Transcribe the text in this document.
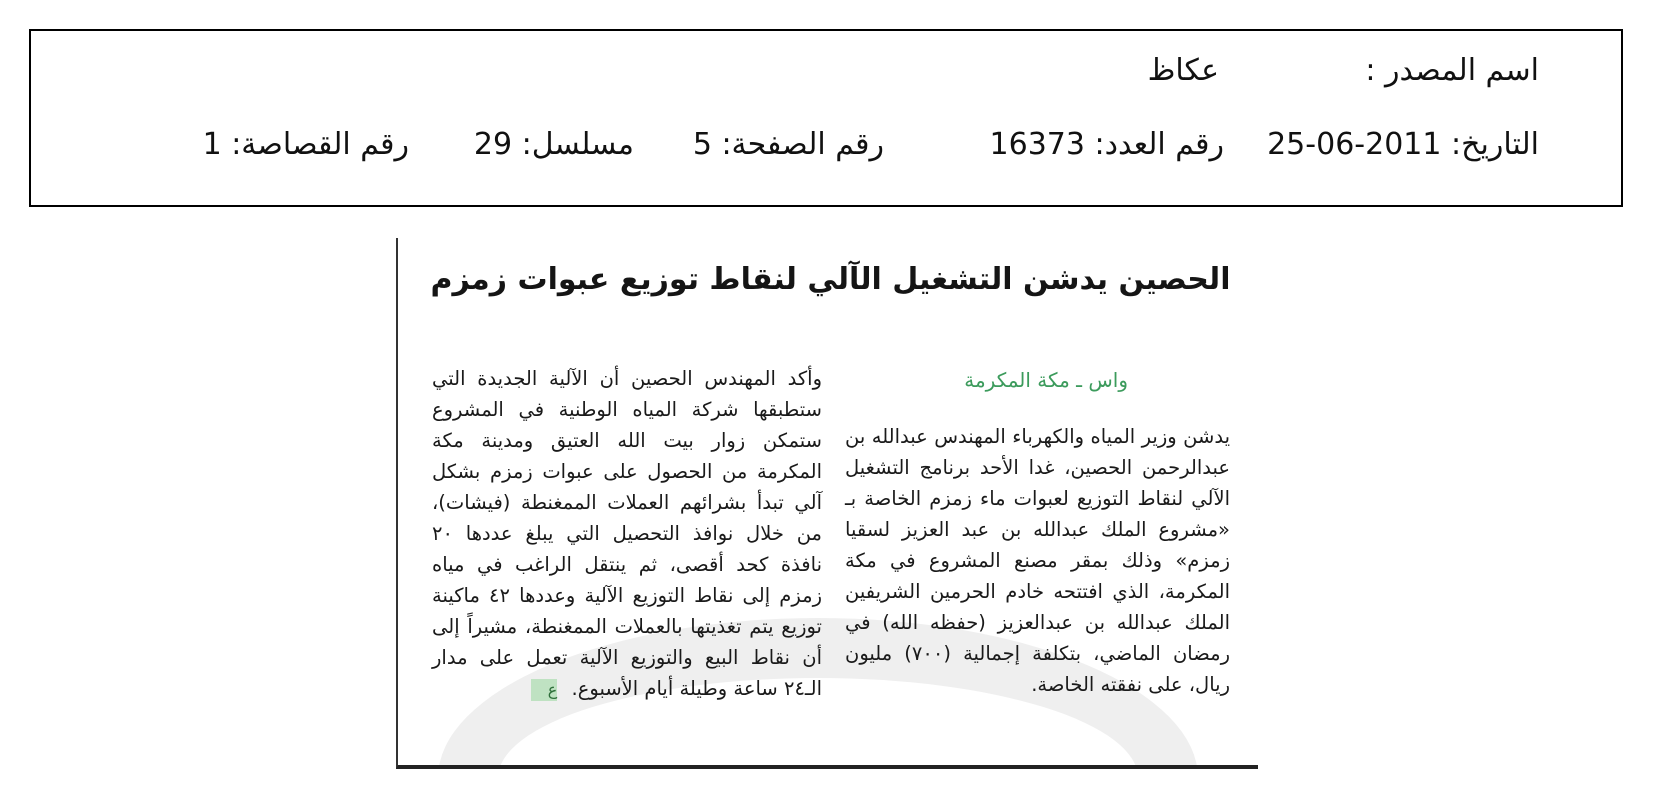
اسم المصدر :
عكاظ
التاريخ: 2011-06-25
رقم العدد: 16373
رقم الصفحة: 5
مسلسل: 29
رقم القصاصة: 1
الحصين يدشن التشغيل الآلي لنقاط توزيع عبوات زمزم
واس ـ مكة المكرمة
يدشن وزير المياه والكهرباء المهندس عبدالله بن عبدالرحمن الحصين، غدا الأحد برنامج التشغيل الآلي لنقاط التوزيع لعبوات ماء زمزم الخاصة بـ «مشروع الملك عبدالله بن عبد العزيز لسقيا زمزم» وذلك بمقر مصنع المشروع في مكة المكرمة، الذي افتتحه خادم الحرمين الشريفين الملك عبدالله بن عبدالعزيز (حفظه الله) في رمضان الماضي، بتكلفة إجمالية (٧٠٠) مليون ريال، على نفقته الخاصة.
وأكد المهندس الحصين أن الآلية الجديدة التي ستطبقها شركة المياه الوطنية في المشروع ستمكن زوار بيت الله العتيق ومدينة مكة المكرمة من الحصول على عبوات زمزم بشكل آلي تبدأ بشرائهم العملات الممغنطة (فيشات)، من خلال نوافذ التحصيل التي يبلغ عددها ٢٠ نافذة كحد أقصى، ثم ينتقل الراغب في مياه زمزم إلى نقاط التوزيع الآلية وعددها ٤٢ ماكينة توزيع يتم تغذيتها بالعملات الممغنطة، مشيراً إلى أن نقاط البيع والتوزيع الآلية تعمل على مدار الـ٢٤ ساعة وطيلة أيام الأسبوع. ع
